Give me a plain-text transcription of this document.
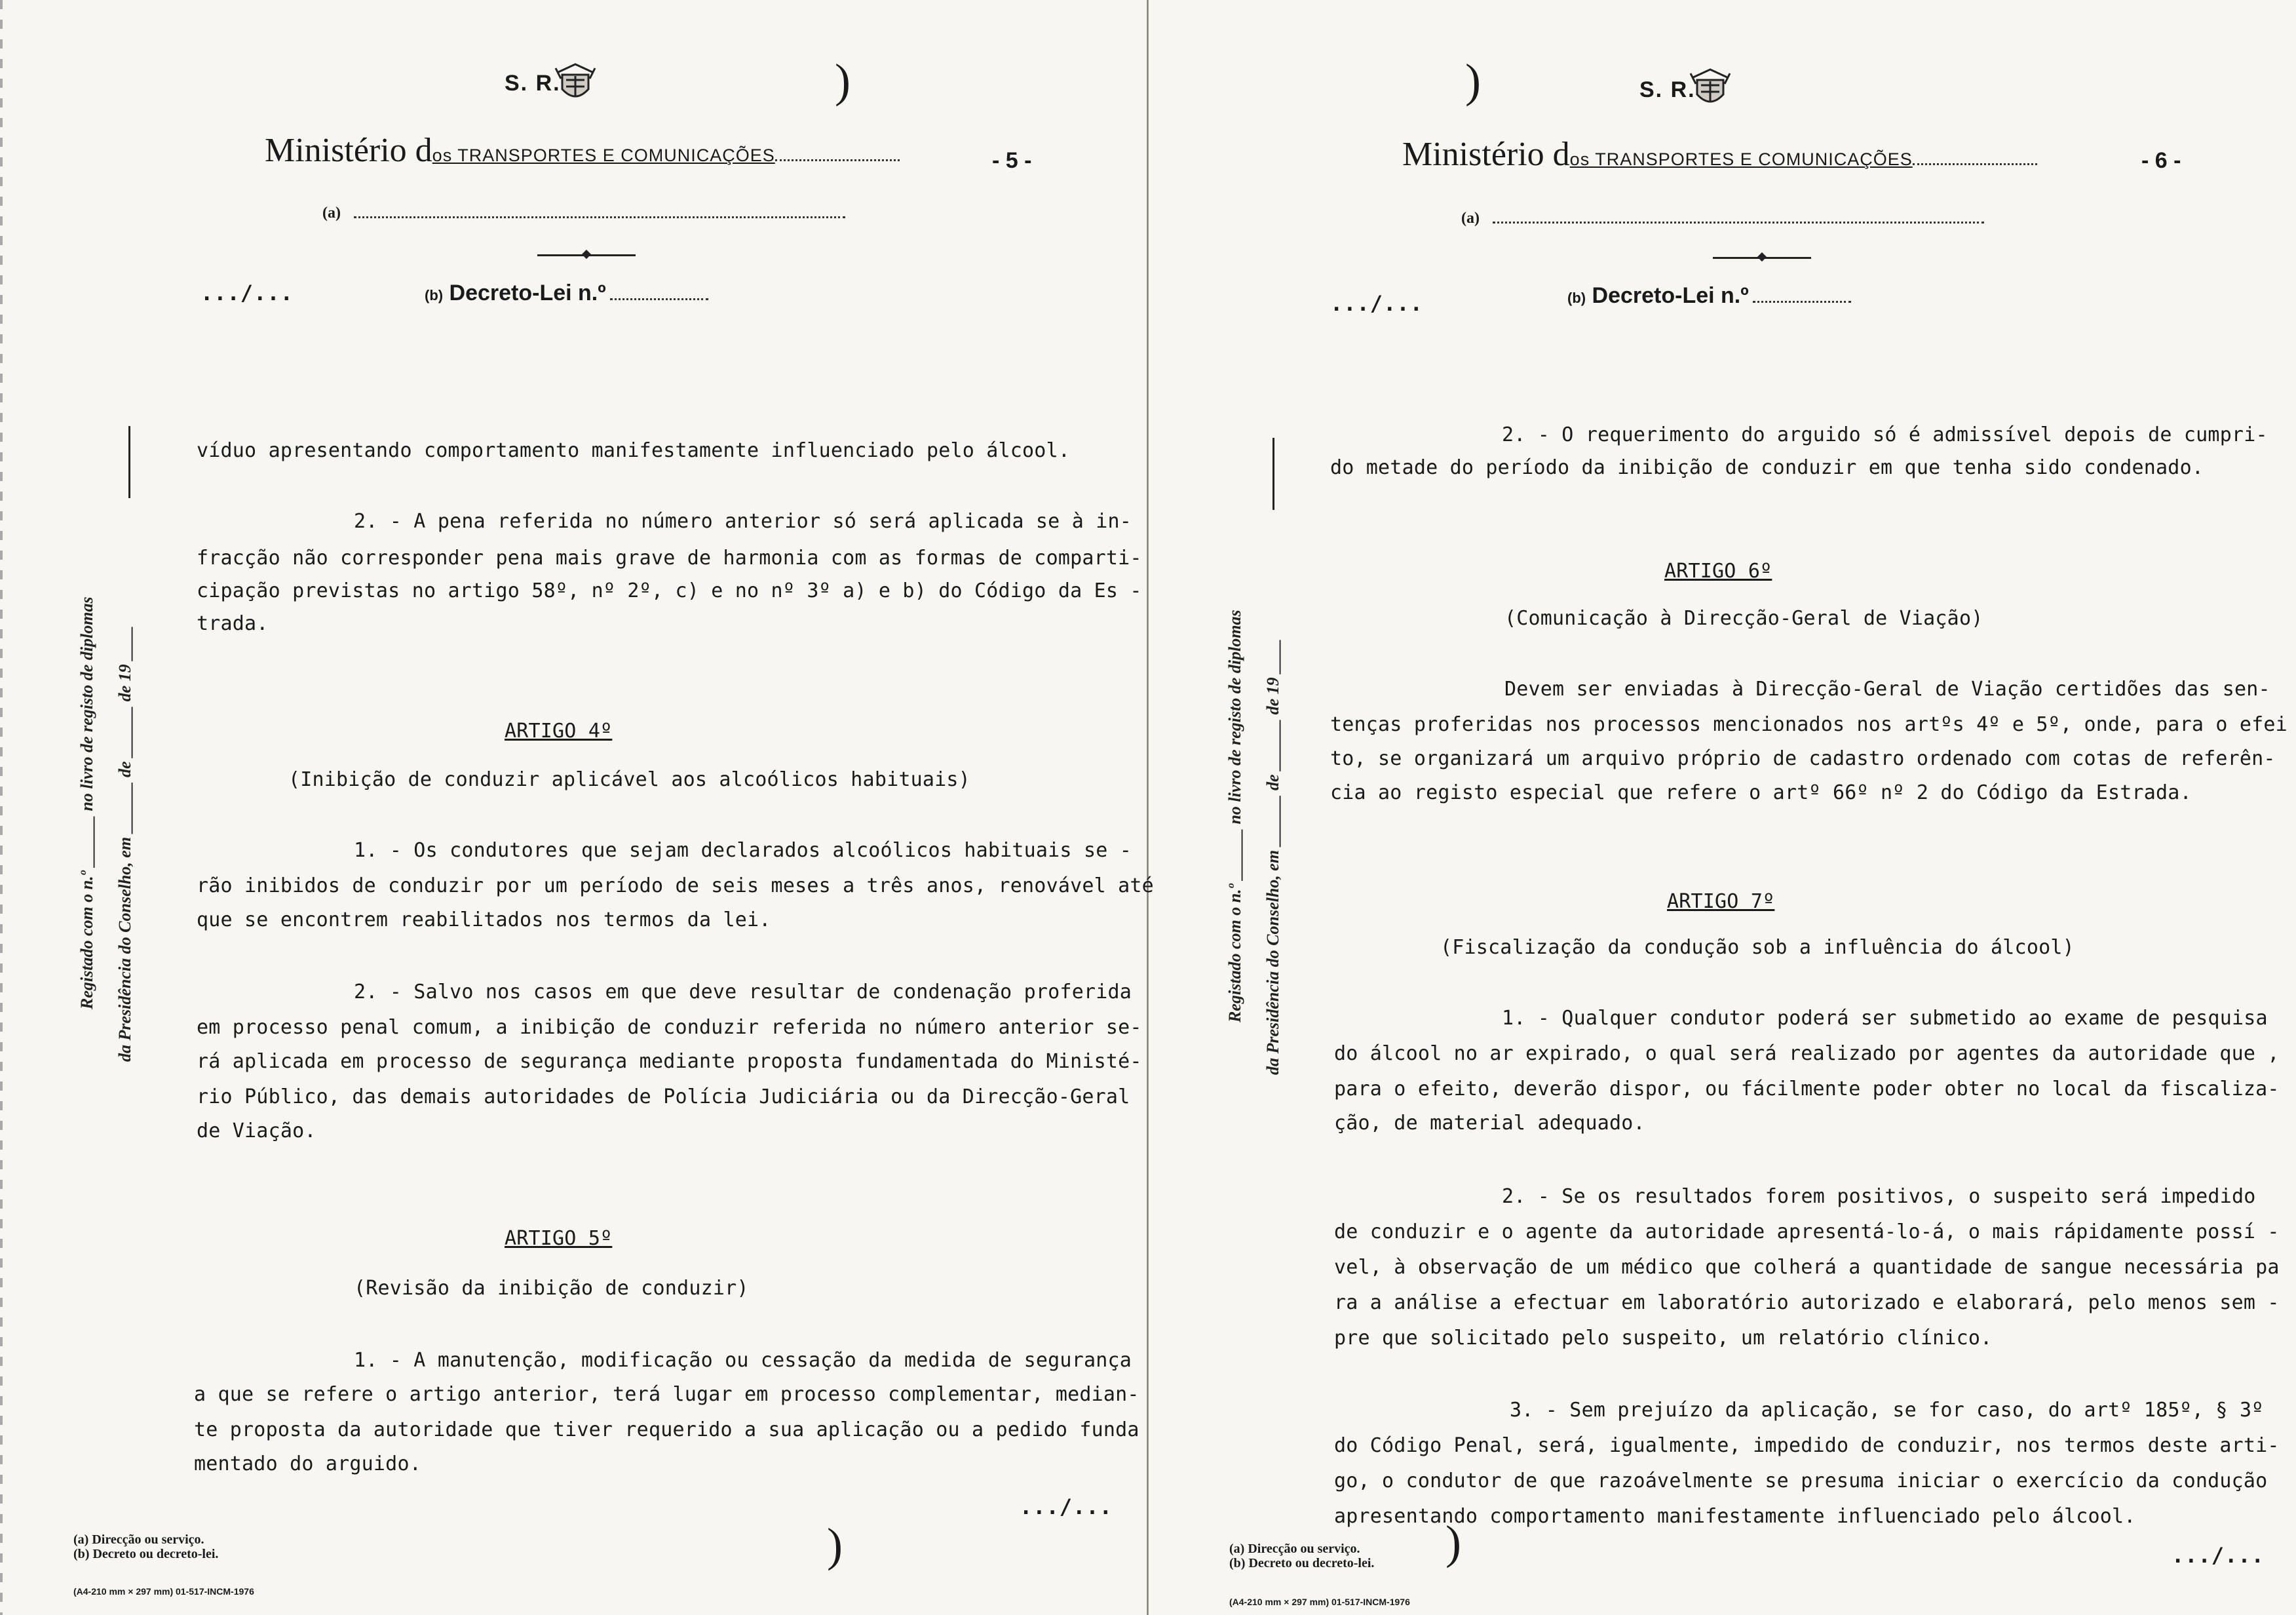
S. R.	)
Ministério dos TRANSPORTES E COMUNICAÇÕES	- 5 -
(a)
.../...	(b) Decreto-Lei n.º
Registado com o n.º ______ no livro de registo de diplomas da Presidência do Conselho, em ______ de ______ de 19 ____
víduo apresentando comportamento manifestamente influenciado pelo álcool.
2. - A pena referida no número anterior só será aplicada se à in-
fracção não corresponder pena mais grave de harmonia com as formas de comparti-
cipação previstas no artigo 58º, nº 2º, c) e no nº 3º a) e b) do Código da Es -
trada.
ARTIGO 4º
(Inibição de conduzir aplicável aos alcoólicos habituais)
1. - Os condutores que sejam declarados alcoólicos habituais se -
rão inibidos de conduzir por um período de seis meses a três anos, renovável até
que se encontrem reabilitados nos termos da lei.
2. - Salvo nos casos em que deve resultar de condenação proferida
em processo penal comum, a inibição de conduzir referida no número anterior se-
rá aplicada em processo de segurança mediante proposta fundamentada do Ministé-
rio Público, das demais autoridades de Polícia Judiciária ou da Direcção-Geral
de Viação.
ARTIGO 5º
(Revisão da inibição de conduzir)
1. - A manutenção, modificação ou cessação da medida de segurança
a que se refere o artigo anterior, terá lugar em processo complementar, median-
te proposta da autoridade que tiver requerido a sua aplicação ou a pedido funda
mentado do arguido.
.../...
)
(a) Direcção ou serviço.
(b) Decreto ou decreto-lei.
(A4-210 mm × 297 mm) 01-517-INCM-1976
)	S. R.
Ministério dos TRANSPORTES E COMUNICAÇÕES	- 6 -
(a)
.../...	(b) Decreto-Lei n.º
Registado com o n.º ______ no livro de registo de diplomas da Presidência do Conselho, em ______ de ______ de 19 ____
2. - O requerimento do arguido só é admissível depois de cumpri-
do metade do período da inibição de conduzir em que tenha sido condenado.
ARTIGO 6º
(Comunicação à Direcção-Geral de Viação)
Devem ser enviadas à Direcção-Geral de Viação certidões das sen-
tenças proferidas nos processos mencionados nos artºs 4º e 5º, onde, para o efei
to, se organizará um arquivo próprio de cadastro ordenado com cotas de referên-
cia ao registo especial que refere o artº 66º nº 2 do Código da Estrada.
ARTIGO 7º
(Fiscalização da condução sob a influência do álcool)
1. - Qualquer condutor poderá ser submetido ao exame de pesquisa
do álcool no ar expirado, o qual será realizado por agentes da autoridade que ,
para o efeito, deverão dispor, ou fácilmente poder obter no local da fiscaliza-
ção, de material adequado.
2. - Se os resultados forem positivos, o suspeito será impedido
de conduzir e o agente da autoridade apresentá-lo-á, o mais rápidamente possí -
vel, à observação de um médico que colherá a quantidade de sangue necessária pa
ra a análise a efectuar em laboratório autorizado e elaborará, pelo menos sem -
pre que solicitado pelo suspeito, um relatório clínico.
3. - Sem prejuízo da aplicação, se for caso, do artº 185º, § 3º
do Código Penal, será, igualmente, impedido de conduzir, nos termos deste arti-
go, o condutor de que razoávelmente se presuma iniciar o exercício da condução
apresentando comportamento manifestamente influenciado pelo álcool.
.../...
)
(a) Direcção ou serviço.
(b) Decreto ou decreto-lei.
(A4-210 mm × 297 mm) 01-517-INCM-1976
